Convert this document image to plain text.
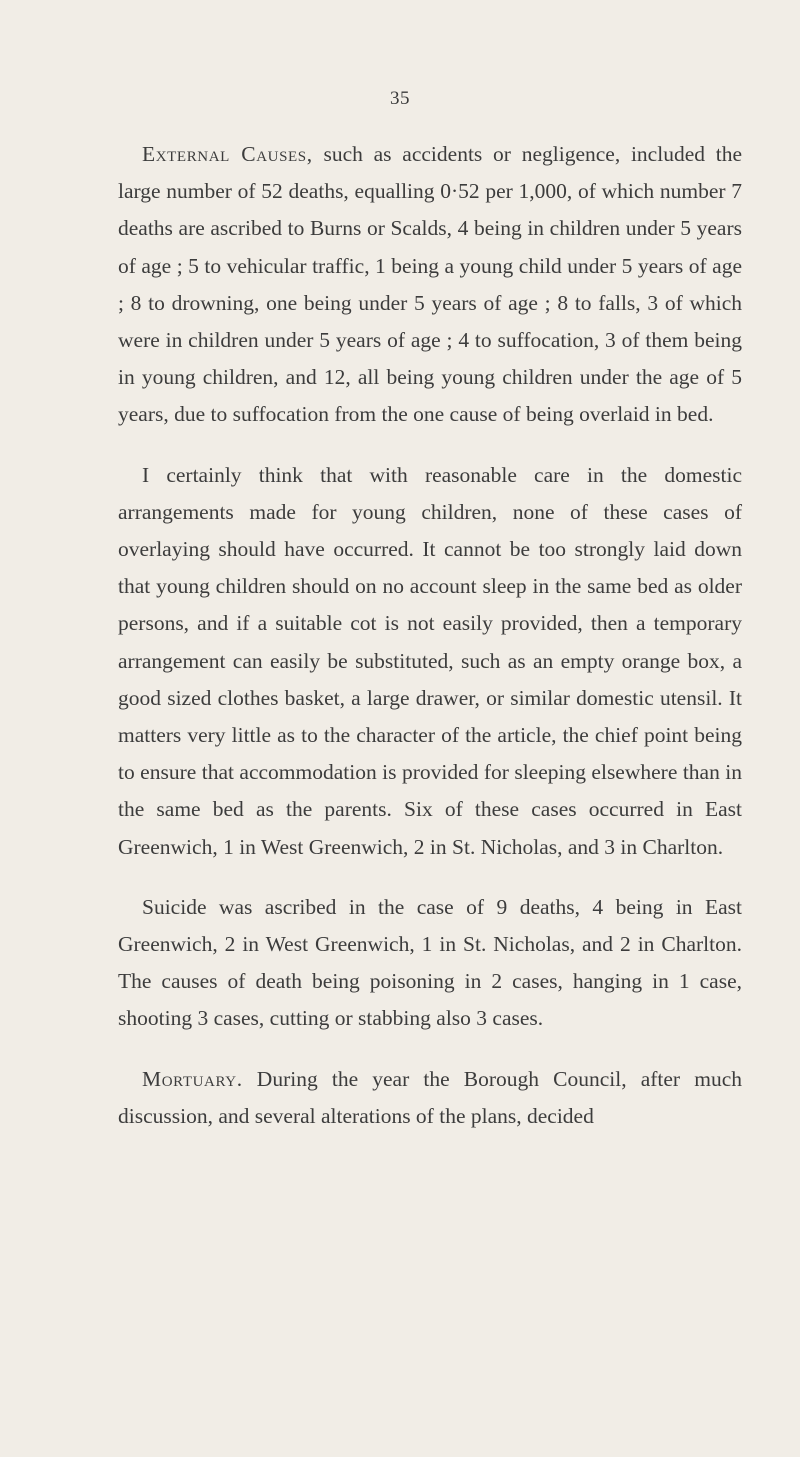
35

External Causes, such as accidents or negligence, included the large number of 52 deaths, equalling 0·52 per 1,000, of which number 7 deaths are ascribed to Burns or Scalds, 4 being in children under 5 years of age ; 5 to vehicular traffic, 1 being a young child under 5 years of age ; 8 to drowning, one being under 5 years of age ; 8 to falls, 3 of which were in children under 5 years of age ; 4 to suffocation, 3 of them being in young children, and 12, all being young children under the age of 5 years, due to suffocation from the one cause of being overlaid in bed.

I certainly think that with reasonable care in the domestic arrangements made for young children, none of these cases of overlaying should have occurred. It cannot be too strongly laid down that young children should on no account sleep in the same bed as older persons, and if a suitable cot is not easily provided, then a temporary arrangement can easily be substituted, such as an empty orange box, a good sized clothes basket, a large drawer, or similar domestic utensil. It matters very little as to the character of the article, the chief point being to ensure that accommodation is provided for sleeping elsewhere than in the same bed as the parents. Six of these cases occurred in East Greenwich, 1 in West Greenwich, 2 in St. Nicholas, and 3 in Charlton.

Suicide was ascribed in the case of 9 deaths, 4 being in East Greenwich, 2 in West Greenwich, 1 in St. Nicholas, and 2 in Charlton. The causes of death being poisoning in 2 cases, hanging in 1 case, shooting 3 cases, cutting or stabbing also 3 cases.

Mortuary. During the year the Borough Council, after much discussion, and several alterations of the plans, decided
